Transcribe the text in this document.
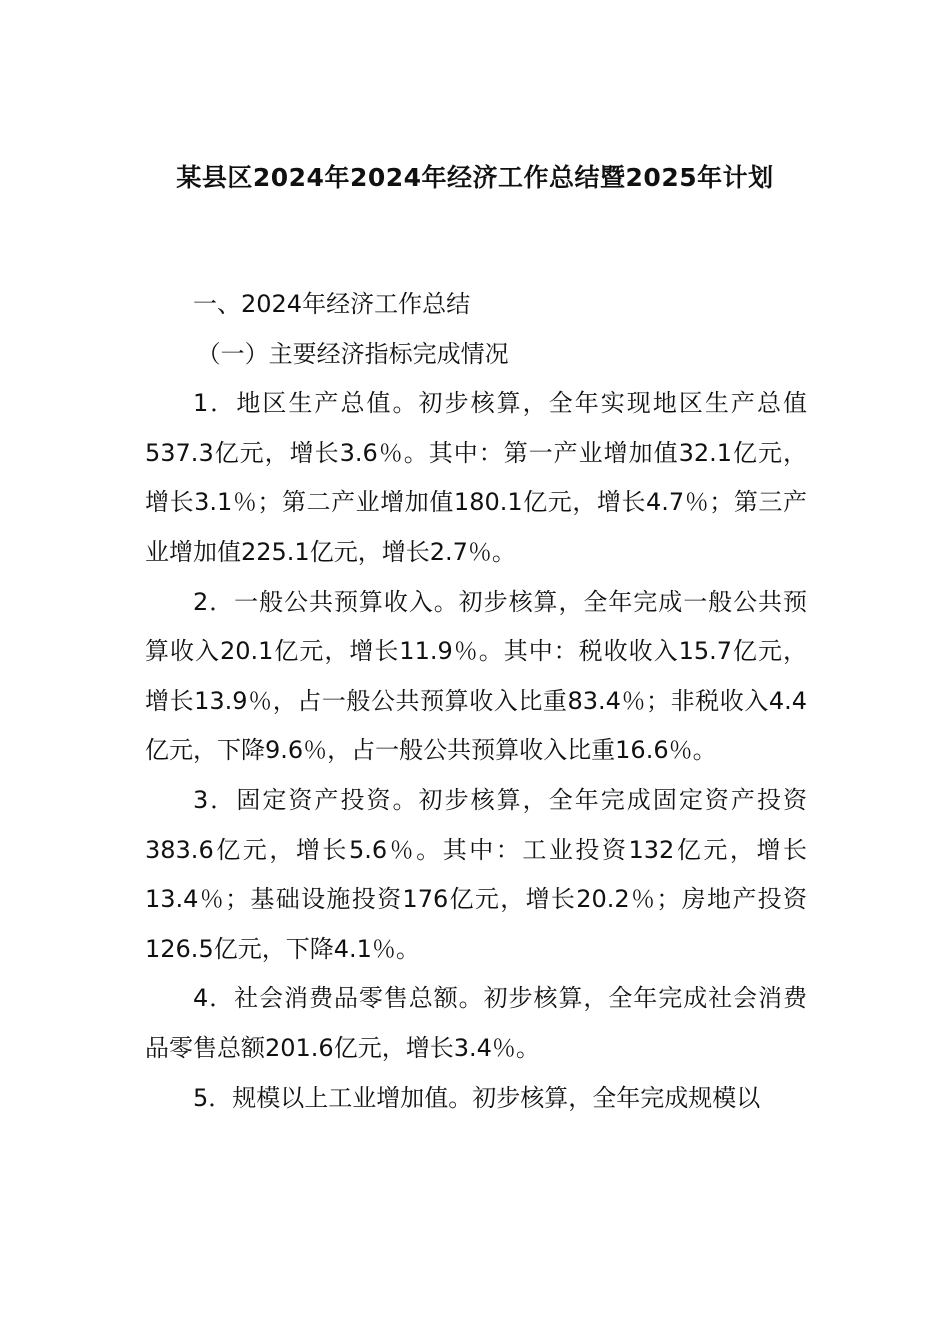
某县区2024年2024年经济工作总结暨2025年计划

一、2024年经济工作总结

（一）主要经济指标完成情况

1．地区生产总值。初步核算，全年实现地区生产总值537.3亿元，增长3.6％。其中：第一产业增加值32.1亿元，增长3.1％；第二产业增加值180.1亿元，增长4.7％；第三产业增加值225.1亿元，增长2.7％。

2．一般公共预算收入。初步核算，全年完成一般公共预算收入20.1亿元，增长11.9％。其中：税收收入15.7亿元，增长13.9％，占一般公共预算收入比重83.4％；非税收入4.4亿元，下降9.6％，占一般公共预算收入比重16.6％。

3．固定资产投资。初步核算，全年完成固定资产投资383.6亿元，增长5.6％。其中：工业投资132亿元，增长13.4％；基础设施投资176亿元，增长20.2％；房地产投资126.5亿元，下降4.1％。

4．社会消费品零售总额。初步核算，全年完成社会消费品零售总额201.6亿元，增长3.4％。

5．规模以上工业增加值。初步核算，全年完成规模以
